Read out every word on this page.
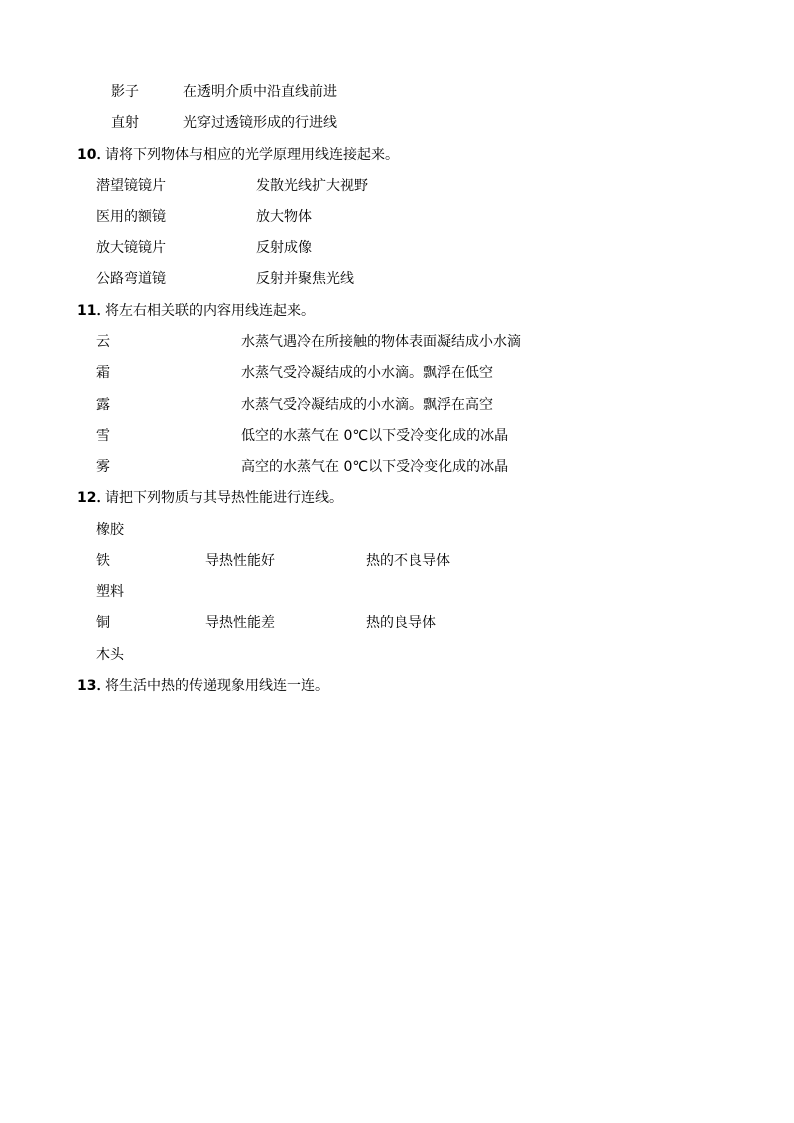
影子	在透明介质中沿直线前进
直射	光穿过透镜形成的行进线
10．
请将下列物体与相应的光学原理用线连接起来。
潜望镜镜片	发散光线扩大视野
医用的额镜	放大物体
放大镜镜片	反射成像
公路弯道镜	反射并聚焦光线
11．
将左右相关联的内容用线连起来。
云	水蒸气遇冷在所接触的物体表面凝结成小水滴
霜	水蒸气受冷凝结成的小水滴。飘浮在低空
露	水蒸气受冷凝结成的小水滴。飘浮在高空
雪	低空的水蒸气在 0℃以下受冷变化成的冰晶
雾	高空的水蒸气在 0℃以下受冷变化成的冰晶
12．
请把下列物质与其导热性能进行连线。
橡胶
铁	导热性能好	热的不良导体
塑料
铜	导热性能差	热的良导体
木头
13．
将生活中热的传递现象用线连一连。
